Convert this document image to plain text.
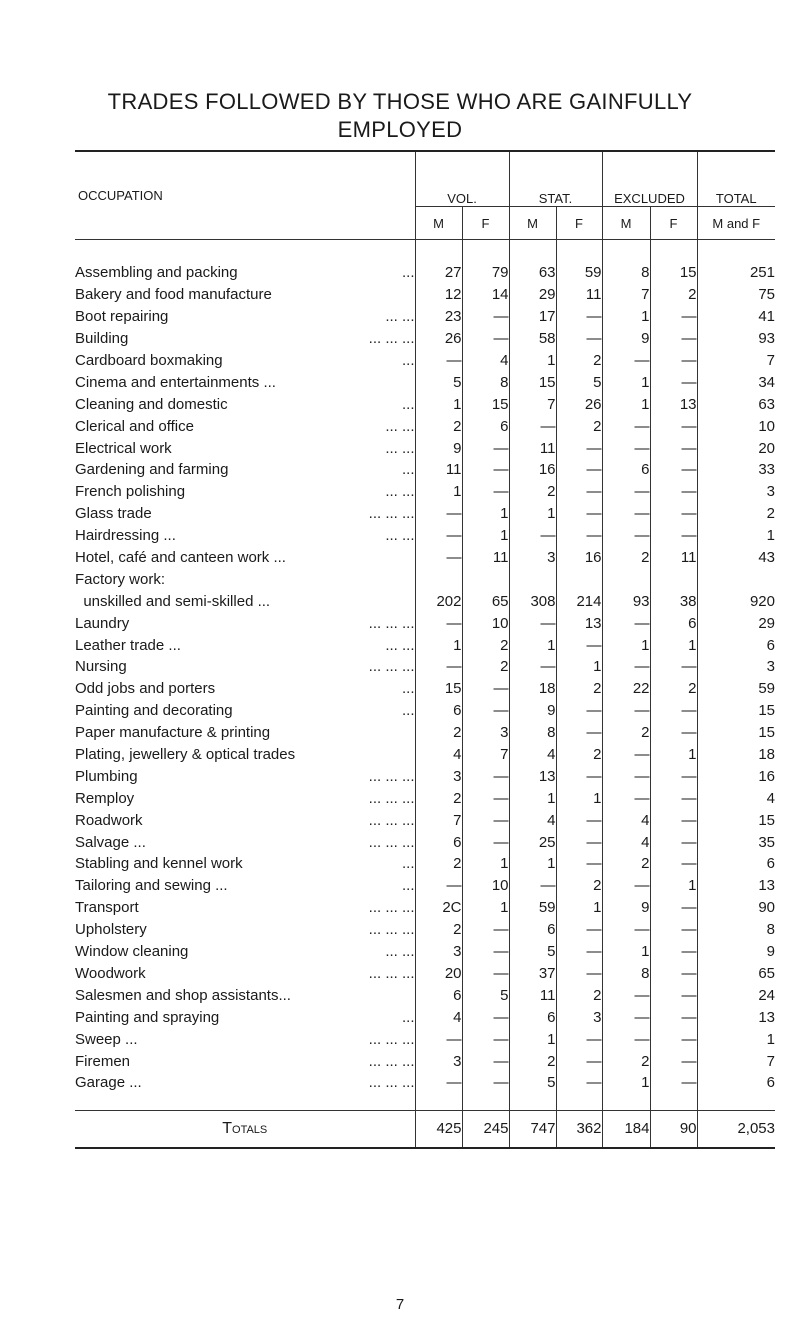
TRADES FOLLOWED BY THOSE WHO ARE GAINFULLY EMPLOYED

OCCUPATION	VOL.		STAT.		EXCLUDED		TOTAL
	M	F	M	F	M	F	M and F

Assembling and packing ...	27	79	63	59	8	15	251

Bakery and food manufacture	12	14	29	11	7	2	75

Boot repairing ... ...	23	—	17	—	1	—	41

Building ... ... ...	26	—	58	—	9	—	93

Cardboard boxmaking ...	—	4	1	2	—	—	7

Cinema and entertainments ...	5	8	15	5	1	—	34

Cleaning and domestic ...	1	15	7	26	1	13	63

Clerical and office ... ...	2	6	—	2	—	—	10

Electrical work ... ...	9	—	11	—	—	—	20

Gardening and farming ...	11	—	16	—	6	—	33

French polishing ... ...	1	—	2	—	—	—	3

Glass trade ... ... ...	—	1	1	—	—	—	2

Hairdressing ... ... ...	—	1	—	—	—	—	1

Hotel, café and canteen work ...	—	11	3	16	2	11	43

Factory work:							

unskilled and semi-skilled ...	202	65	308	214	93	38	920

Laundry ... ... ...	—	10	—	13	—	6	29

Leather trade ... ... ...	1	2	1	—	1	1	6

Nursing ... ... ...	—	2	—	1	—	—	3

Odd jobs and porters ...	15	—	18	2	22	2	59

Painting and decorating ...	6	—	9	—	—	—	15

Paper manufacture & printing	2	3	8	—	2	—	15

Plating, jewellery & optical trades	4	7	4	2	—	1	18

Plumbing ... ... ...	3	—	13	—	—	—	16

Remploy ... ... ...	2	—	1	1	—	—	4

Roadwork ... ... ...	7	—	4	—	4	—	15

Salvage ... ... ... ...	6	—	25	—	4	—	35

Stabling and kennel work ...	2	1	1	—	2	—	6

Tailoring and sewing ... ...	—	10	—	2	—	1	13

Transport ... ... ...	2C	1	59	1	9	—	90

Upholstery ... ... ...	2	—	6	—	—	—	8

Window cleaning ... ...	3	—	5	—	1	—	9

Woodwork ... ... ...	20	—	37	—	8	—	65

Salesmen and shop assistants...	6	5	11	2	—	—	24

Painting and spraying ...	4	—	6	3	—	—	13

Sweep ... ... ... ...	—	—	1	—	—	—	1

Firemen ... ... ...	3	—	2	—	2	—	7

Garage ... ... ... ...	—	—	5	—	1	—	6

Totals	425	245	747	362	184	90	2,053
7
